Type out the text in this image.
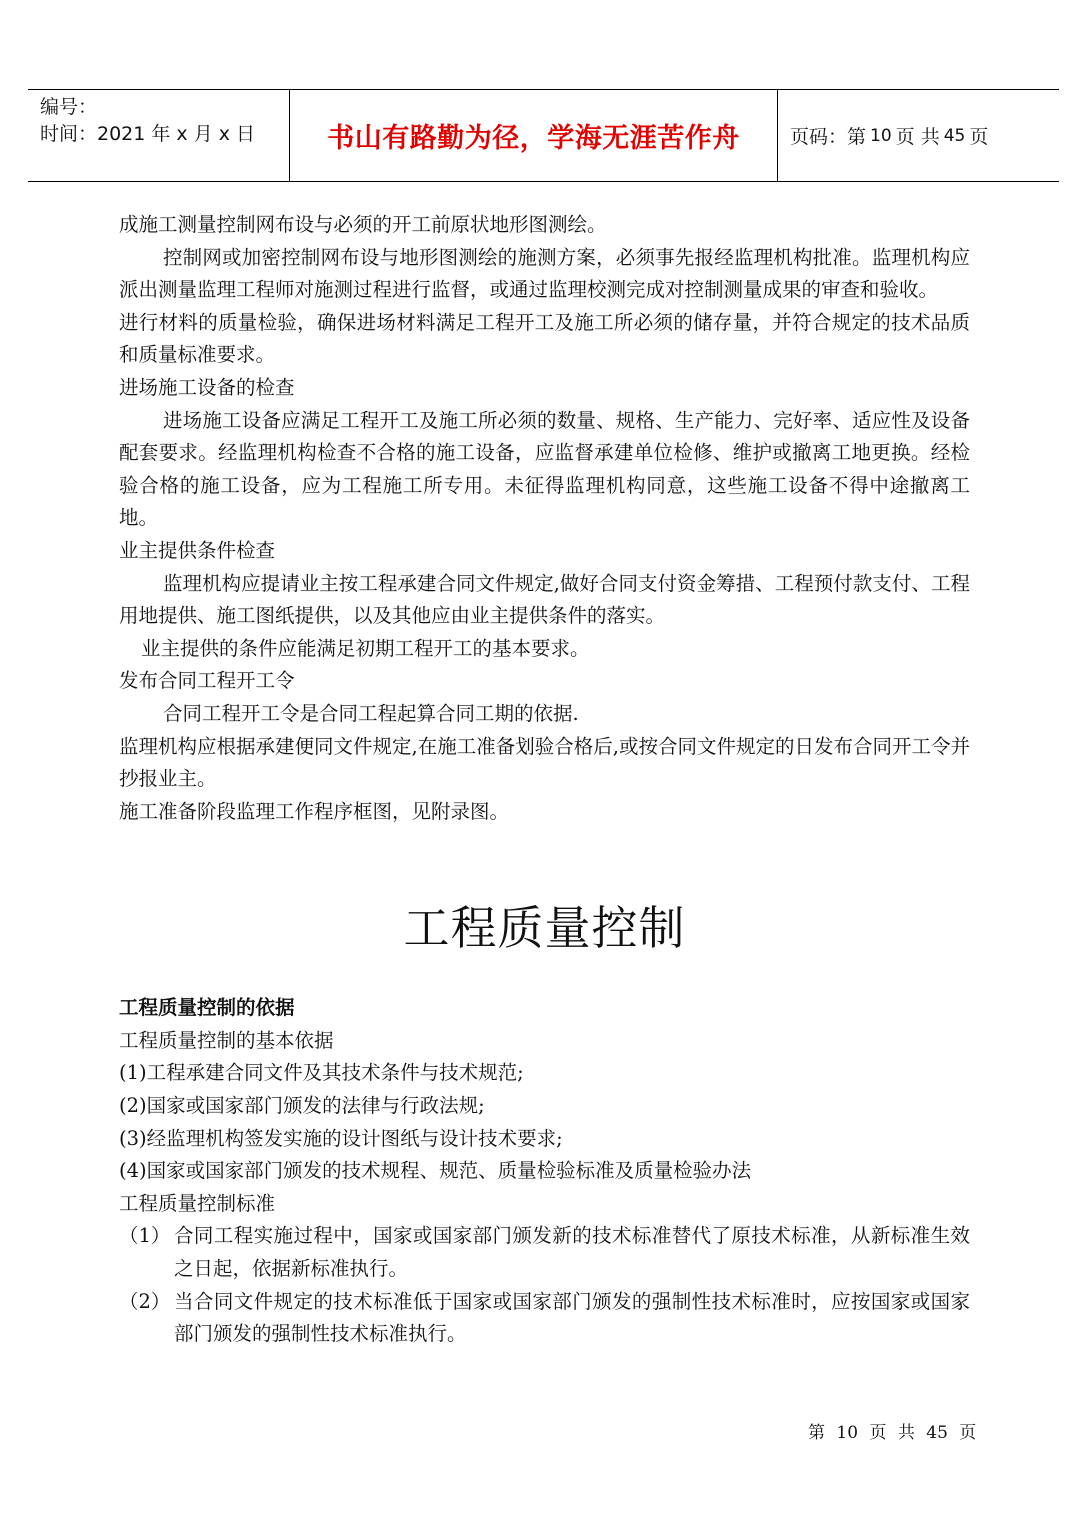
编号：
时间：2021 年 x 月 x 日	书山有路勤为径，学海无涯苦作舟	页码：第 10 页 共 45 页

成施工测量控制网布设与必须的开工前原状地形图测绘。

控制网或加密控制网布设与地形图测绘的施测方案，必须事先报经监理机构批准。监理机构应派出测量监理工程师对施测过程进行监督，或通过监理校测完成对控制测量成果的审查和验收。

进行材料的质量检验，确保进场材料满足工程开工及施工所必须的储存量，并符合规定的技术品质和质量标准要求。

进场施工设备的检查

进场施工设备应满足工程开工及施工所必须的数量、规格、生产能力、完好率、适应性及设备配套要求。经监理机构检查不合格的施工设备，应监督承建单位检修、维护或撤离工地更换。经检验合格的施工设备，应为工程施工所专用。未征得监理机构同意，这些施工设备不得中途撤离工地。

业主提供条件检查

监理机构应提请业主按工程承建合同文件规定,做好合同支付资金筹措、工程预付款支付、工程用地提供、施工图纸提供，以及其他应由业主提供条件的落实。

业主提供的条件应能满足初期工程开工的基本要求。

发布合同工程开工令

合同工程开工令是合同工程起算合同工期的依据.

监理机构应根据承建便同文件规定,在施工准备划验合格后,或按合同文件规定的日发布合同开工令并抄报业主。

施工准备阶段监理工作程序框图，见附录图。

工程质量控制

工程质量控制的依据

工程质量控制的基本依据

(1)工程承建合同文件及其技术条件与技术规范;

(2)国家或国家部门颁发的法律与行政法规;

(3)经监理机构签发实施的设计图纸与设计技术要求;

(4)国家或国家部门颁发的技术规程、规范、质量检验标准及质量检验办法

工程质量控制标准

（1） 合同工程实施过程中，国家或国家部门颁发新的技术标准替代了原技术标准，从新标准生效之日起，依据新标准执行。
（2） 当合同文件规定的技术标准低于国家或国家部门颁发的强制性技术标准时，应按国家或国家部门颁发的强制性技术标准执行。
第 10 页 共 45 页
